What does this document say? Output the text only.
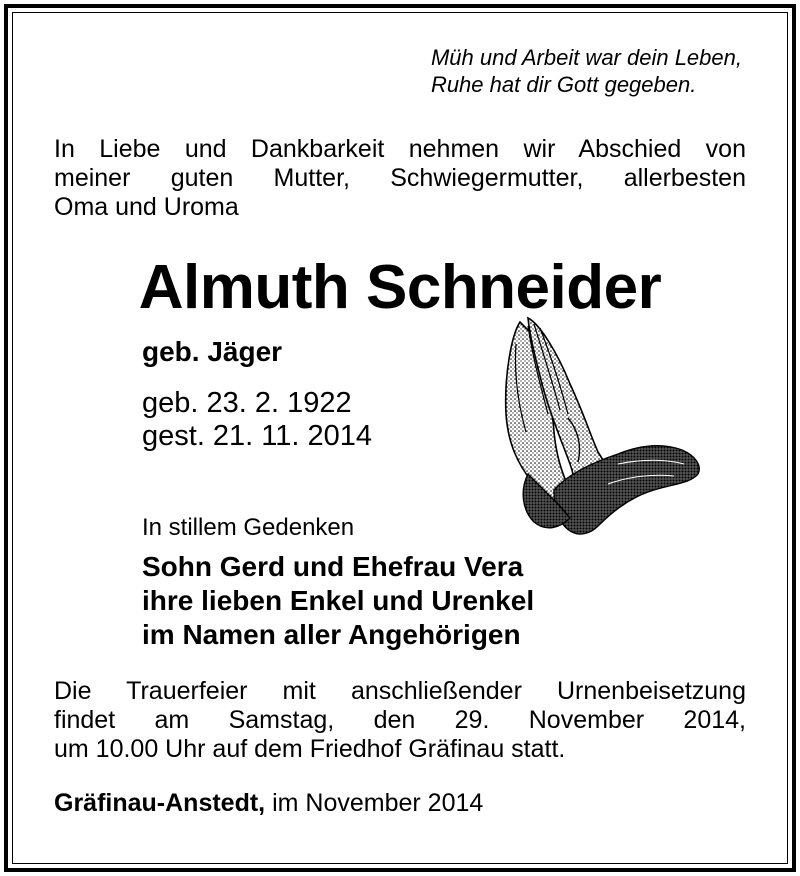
Müh und Arbeit war dein Leben,
Ruhe hat dir Gott gegeben.

In Liebe und Dankbarkeit nehmen wir Abschied von
meiner guten Mutter, Schwiegermutter, allerbesten
Oma und Uroma

Almuth Schneider

geb. Jäger

geb. 23. 2. 1922
gest. 21. 11. 2014

In stillem Gedenken

Sohn Gerd und Ehefrau Vera
ihre lieben Enkel und Urenkel
im Namen aller Angehörigen

Die Trauerfeier mit anschließender Urnenbeisetzung
findet am Samstag, den 29. November 2014,
um 10.00 Uhr auf dem Friedhof Gräfinau statt.

Gräfinau-Anstedt, im November 2014
